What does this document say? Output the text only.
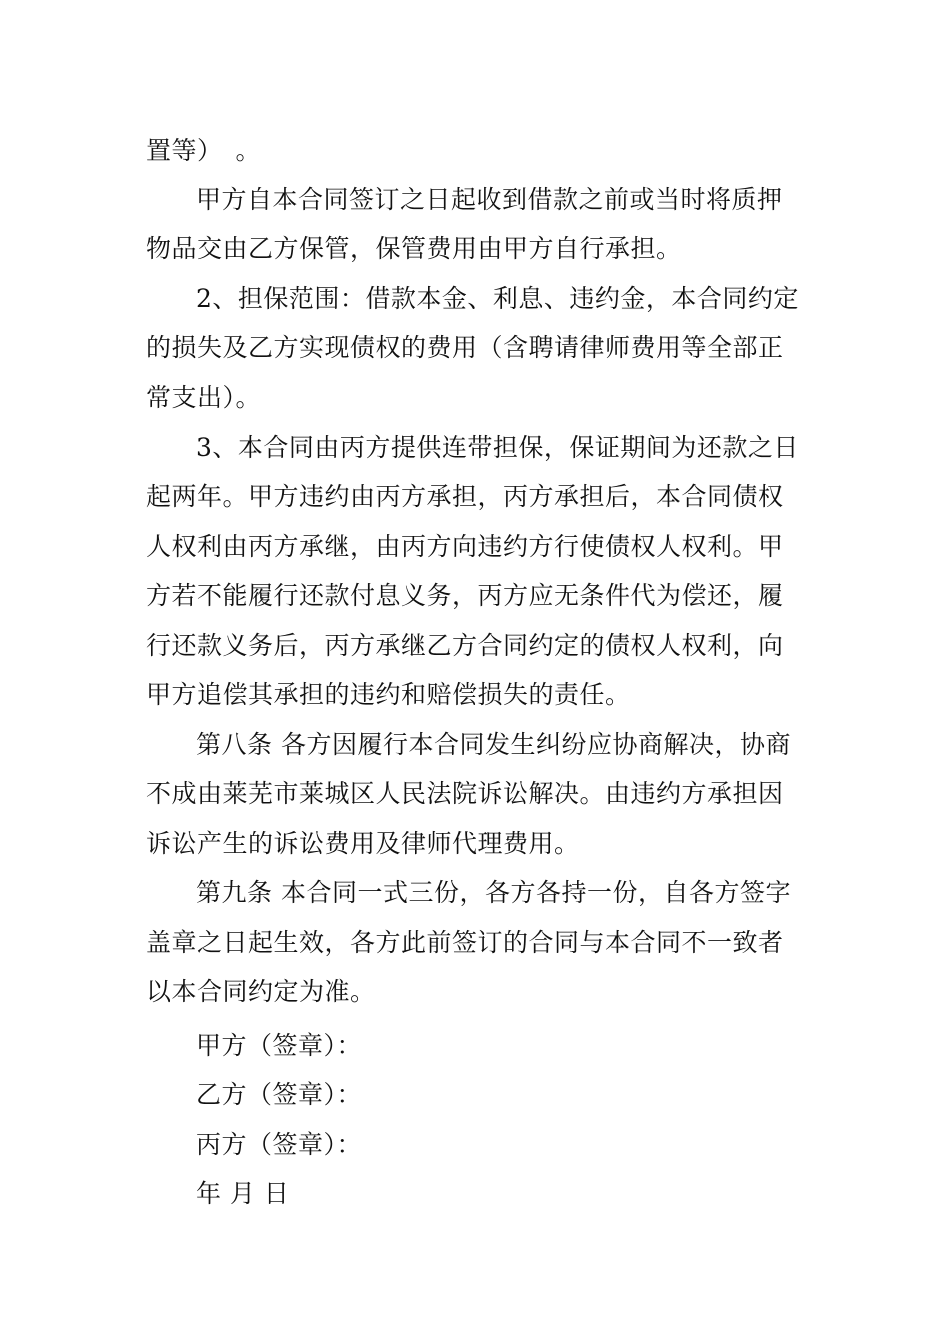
置等）　。
甲方自本合同签订之日起收到借款之前或当时将质押
物品交由乙方保管，保管费用由甲方自行承担。
2、担保范围：借款本金、利息、违约金，本合同约定
的损失及乙方实现债权的费用（含聘请律师费用等全部正
常支出）。
3、本合同由丙方提供连带担保，保证期间为还款之日
起两年。甲方违约由丙方承担，丙方承担后，本合同债权
人权利由丙方承继，由丙方向违约方行使债权人权利。甲
方若不能履行还款付息义务，丙方应无条件代为偿还，履
行还款义务后，丙方承继乙方合同约定的债权人权利，向
甲方追偿其承担的违约和赔偿损失的责任。
第八条 各方因履行本合同发生纠纷应协商解决，协商
不成由莱芜市莱城区人民法院诉讼解决。由违约方承担因
诉讼产生的诉讼费用及律师代理费用。
第九条 本合同一式三份，各方各持一份，自各方签字
盖章之日起生效，各方此前签订的合同与本合同不一致者
以本合同约定为准。
甲方（签章）：
乙方（签章）：
丙方（签章）：
年 月 日
